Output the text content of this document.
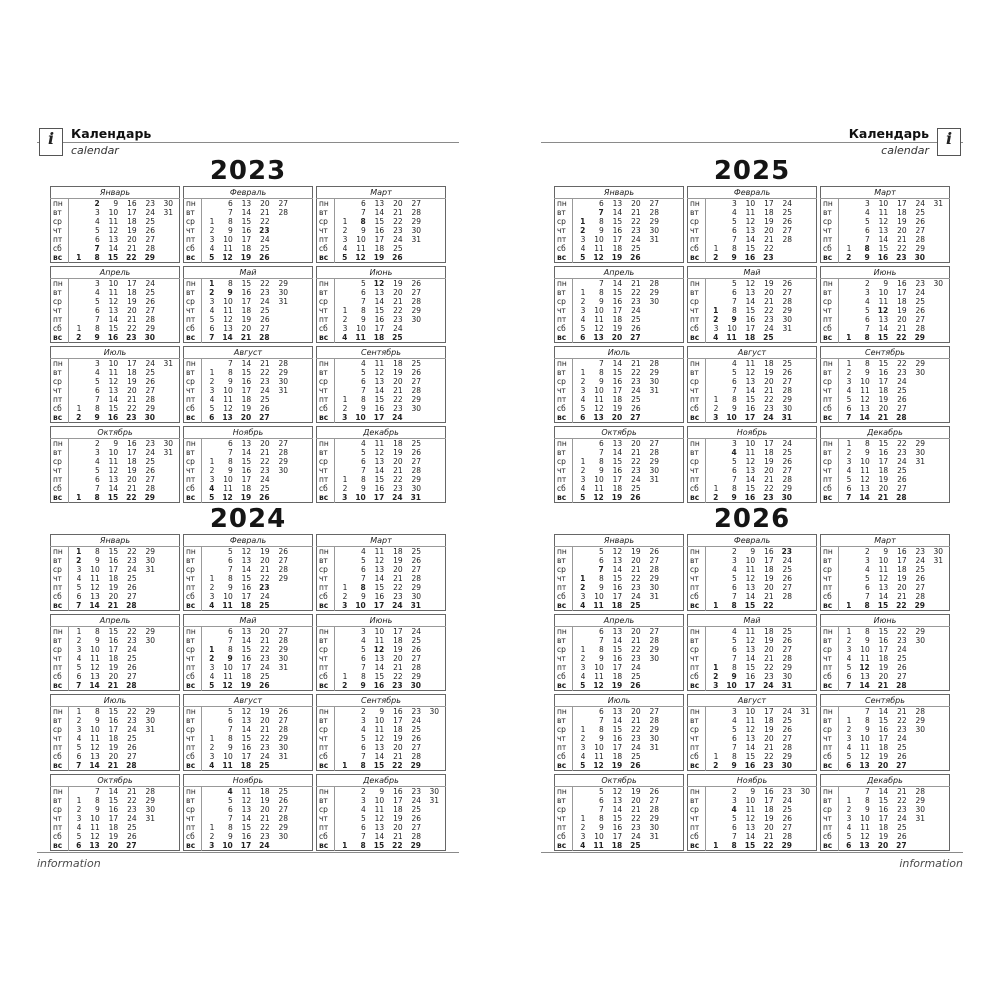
i	Календарь
calendar
2023
Январь						
пн		2	9	16	23	30
вт		3	10	17	24	31
ср		4	11	18	25	
чт		5	12	19	26	
пт		6	13	20	27	
сб		7	14	21	28	
вс	1	8	15	22	29	
Февраль						
пн		6	13	20	27	
вт		7	14	21	28	
ср	1	8	15	22		
чт	2	9	16	23		
пт	3	10	17	24		
сб	4	11	18	25		
вс	5	12	19	26		
Март						
пн		6	13	20	27	
вт		7	14	21	28	
ср	1	8	15	22	29	
чт	2	9	16	23	30	
пт	3	10	17	24	31	
сб	4	11	18	25		
вс	5	12	19	26		
Апрель						
пн		3	10	17	24	
вт		4	11	18	25	
ср		5	12	19	26	
чт		6	13	20	27	
пт		7	14	21	28	
сб	1	8	15	22	29	
вс	2	9	16	23	30	
Май						
пн	1	8	15	22	29	
вт	2	9	16	23	30	
ср	3	10	17	24	31	
чт	4	11	18	25		
пт	5	12	19	26		
сб	6	13	20	27		
вс	7	14	21	28		
Июнь						
пн		5	12	19	26	
вт		6	13	20	27	
ср		7	14	21	28	
чт	1	8	15	22	29	
пт	2	9	16	23	30	
сб	3	10	17	24		
вс	4	11	18	25		
Июль						
пн		3	10	17	24	31
вт		4	11	18	25	
ср		5	12	19	26	
чт		6	13	20	27	
пт		7	14	21	28	
сб	1	8	15	22	29	
вс	2	9	16	23	30	
Август						
пн		7	14	21	28	
вт	1	8	15	22	29	
ср	2	9	16	23	30	
чт	3	10	17	24	31	
пт	4	11	18	25		
сб	5	12	19	26		
вс	6	13	20	27		
Сентябрь						
пн		4	11	18	25	
вт		5	12	19	26	
ср		6	13	20	27	
чт		7	14	21	28	
пт	1	8	15	22	29	
сб	2	9	16	23	30	
вс	3	10	17	24		
Октябрь						
пн		2	9	16	23	30
вт		3	10	17	24	31
ср		4	11	18	25	
чт		5	12	19	26	
пт		6	13	20	27	
сб		7	14	21	28	
вс	1	8	15	22	29	
Ноябрь						
пн		6	13	20	27	
вт		7	14	21	28	
ср	1	8	15	22	29	
чт	2	9	16	23	30	
пт	3	10	17	24		
сб	4	11	18	25		
вс	5	12	19	26		
Декабрь						
пн		4	11	18	25	
вт		5	12	19	26	
ср		6	13	20	27	
чт		7	14	21	28	
пт	1	8	15	22	29	
сб	2	9	16	23	30	
вс	3	10	17	24	31	
2024
Январь						
пн	1	8	15	22	29	
вт	2	9	16	23	30	
ср	3	10	17	24	31	
чт	4	11	18	25		
пт	5	12	19	26		
сб	6	13	20	27		
вс	7	14	21	28		
Февраль						
пн		5	12	19	26	
вт		6	13	20	27	
ср		7	14	21	28	
чт	1	8	15	22	29	
пт	2	9	16	23		
сб	3	10	17	24		
вс	4	11	18	25		
Март						
пн		4	11	18	25	
вт		5	12	19	26	
ср		6	13	20	27	
чт		7	14	21	28	
пт	1	8	15	22	29	
сб	2	9	16	23	30	
вс	3	10	17	24	31	
Апрель						
пн	1	8	15	22	29	
вт	2	9	16	23	30	
ср	3	10	17	24		
чт	4	11	18	25		
пт	5	12	19	26		
сб	6	13	20	27		
вс	7	14	21	28		
Май						
пн		6	13	20	27	
вт		7	14	21	28	
ср	1	8	15	22	29	
чт	2	9	16	23	30	
пт	3	10	17	24	31	
сб	4	11	18	25		
вс	5	12	19	26		
Июнь						
пн		3	10	17	24	
вт		4	11	18	25	
ср		5	12	19	26	
чт		6	13	20	27	
пт		7	14	21	28	
сб	1	8	15	22	29	
вс	2	9	16	23	30	
Июль						
пн	1	8	15	22	29	
вт	2	9	16	23	30	
ср	3	10	17	24	31	
чт	4	11	18	25		
пт	5	12	19	26		
сб	6	13	20	27		
вс	7	14	21	28		
Август						
пн		5	12	19	26	
вт		6	13	20	27	
ср		7	14	21	28	
чт	1	8	15	22	29	
пт	2	9	16	23	30	
сб	3	10	17	24	31	
вс	4	11	18	25		
Сентябрь						
пн		2	9	16	23	30
вт		3	10	17	24	
ср		4	11	18	25	
чт		5	12	19	26	
пт		6	13	20	27	
сб		7	14	21	28	
вс	1	8	15	22	29	
Октябрь						
пн		7	14	21	28	
вт	1	8	15	22	29	
ср	2	9	16	23	30	
чт	3	10	17	24	31	
пт	4	11	18	25		
сб	5	12	19	26		
вс	6	13	20	27		
Ноябрь						
пн		4	11	18	25	
вт		5	12	19	26	
ср		6	13	20	27	
чт		7	14	21	28	
пт	1	8	15	22	29	
сб	2	9	16	23	30	
вс	3	10	17	24		
Декабрь						
пн		2	9	16	23	30
вт		3	10	17	24	31
ср		4	11	18	25	
чт		5	12	19	26	
пт		6	13	20	27	
сб		7	14	21	28	
вс	1	8	15	22	29	
information
i
Календарь
calendar
2025
Январь						
пн		6	13	20	27	
вт		7	14	21	28	
ср	1	8	15	22	29	
чт	2	9	16	23	30	
пт	3	10	17	24	31	
сб	4	11	18	25		
вс	5	12	19	26		
Февраль						
пн		3	10	17	24	
вт		4	11	18	25	
ср		5	12	19	26	
чт		6	13	20	27	
пт		7	14	21	28	
сб	1	8	15	22		
вс	2	9	16	23		
Март						
пн		3	10	17	24	31
вт		4	11	18	25	
ср		5	12	19	26	
чт		6	13	20	27	
пт		7	14	21	28	
сб	1	8	15	22	29	
вс	2	9	16	23	30	
Апрель						
пн		7	14	21	28	
вт	1	8	15	22	29	
ср	2	9	16	23	30	
чт	3	10	17	24		
пт	4	11	18	25		
сб	5	12	19	26		
вс	6	13	20	27		
Май						
пн		5	12	19	26	
вт		6	13	20	27	
ср		7	14	21	28	
чт	1	8	15	22	29	
пт	2	9	16	23	30	
сб	3	10	17	24	31	
вс	4	11	18	25		
Июнь						
пн		2	9	16	23	30
вт		3	10	17	24	
ср		4	11	18	25	
чт		5	12	19	26	
пт		6	13	20	27	
сб		7	14	21	28	
вс	1	8	15	22	29	
Июль						
пн		7	14	21	28	
вт	1	8	15	22	29	
ср	2	9	16	23	30	
чт	3	10	17	24	31	
пт	4	11	18	25		
сб	5	12	19	26		
вс	6	13	20	27		
Август						
пн		4	11	18	25	
вт		5	12	19	26	
ср		6	13	20	27	
чт		7	14	21	28	
пт	1	8	15	22	29	
сб	2	9	16	23	30	
вс	3	10	17	24	31	
Сентябрь						
пн	1	8	15	22	29	
вт	2	9	16	23	30	
ср	3	10	17	24		
чт	4	11	18	25		
пт	5	12	19	26		
сб	6	13	20	27		
вс	7	14	21	28		
Октябрь						
пн		6	13	20	27	
вт		7	14	21	28	
ср	1	8	15	22	29	
чт	2	9	16	23	30	
пт	3	10	17	24	31	
сб	4	11	18	25		
вс	5	12	19	26		
Ноябрь						
пн		3	10	17	24	
вт		4	11	18	25	
ср		5	12	19	26	
чт		6	13	20	27	
пт		7	14	21	28	
сб	1	8	15	22	29	
вс	2	9	16	23	30	
Декабрь						
пн	1	8	15	22	29	
вт	2	9	16	23	30	
ср	3	10	17	24	31	
чт	4	11	18	25		
пт	5	12	19	26		
сб	6	13	20	27		
вс	7	14	21	28		
2026
Январь						
пн		5	12	19	26	
вт		6	13	20	27	
ср		7	14	21	28	
чт	1	8	15	22	29	
пт	2	9	16	23	30	
сб	3	10	17	24	31	
вс	4	11	18	25		
Февраль						
пн		2	9	16	23	
вт		3	10	17	24	
ср		4	11	18	25	
чт		5	12	19	26	
пт		6	13	20	27	
сб		7	14	21	28	
вс	1	8	15	22		
Март						
пн		2	9	16	23	30
вт		3	10	17	24	31
ср		4	11	18	25	
чт		5	12	19	26	
пт		6	13	20	27	
сб		7	14	21	28	
вс	1	8	15	22	29	
Апрель						
пн		6	13	20	27	
вт		7	14	21	28	
ср	1	8	15	22	29	
чт	2	9	16	23	30	
пт	3	10	17	24		
сб	4	11	18	25		
вс	5	12	19	26		
Май						
пн		4	11	18	25	
вт		5	12	19	26	
ср		6	13	20	27	
чт		7	14	21	28	
пт	1	8	15	22	29	
сб	2	9	16	23	30	
вс	3	10	17	24	31	
Июнь						
пн	1	8	15	22	29	
вт	2	9	16	23	30	
ср	3	10	17	24		
чт	4	11	18	25		
пт	5	12	19	26		
сб	6	13	20	27		
вс	7	14	21	28		
Июль						
пн		6	13	20	27	
вт		7	14	21	28	
ср	1	8	15	22	29	
чт	2	9	16	23	30	
пт	3	10	17	24	31	
сб	4	11	18	25		
вс	5	12	19	26		
Август						
пн		3	10	17	24	31
вт		4	11	18	25	
ср		5	12	19	26	
чт		6	13	20	27	
пт		7	14	21	28	
сб	1	8	15	22	29	
вс	2	9	16	23	30	
Сентябрь						
пн		7	14	21	28	
вт	1	8	15	22	29	
ср	2	9	16	23	30	
чт	3	10	17	24		
пт	4	11	18	25		
сб	5	12	19	26		
вс	6	13	20	27		
Октябрь						
пн		5	12	19	26	
вт		6	13	20	27	
ср		7	14	21	28	
чт	1	8	15	22	29	
пт	2	9	16	23	30	
сб	3	10	17	24	31	
вс	4	11	18	25		
Ноябрь						
пн		2	9	16	23	30
вт		3	10	17	24	
ср		4	11	18	25	
чт		5	12	19	26	
пт		6	13	20	27	
сб		7	14	21	28	
вс	1	8	15	22	29	
Декабрь						
пн		7	14	21	28	
вт	1	8	15	22	29	
ср	2	9	16	23	30	
чт	3	10	17	24	31	
пт	4	11	18	25		
сб	5	12	19	26		
вс	6	13	20	27		
information
